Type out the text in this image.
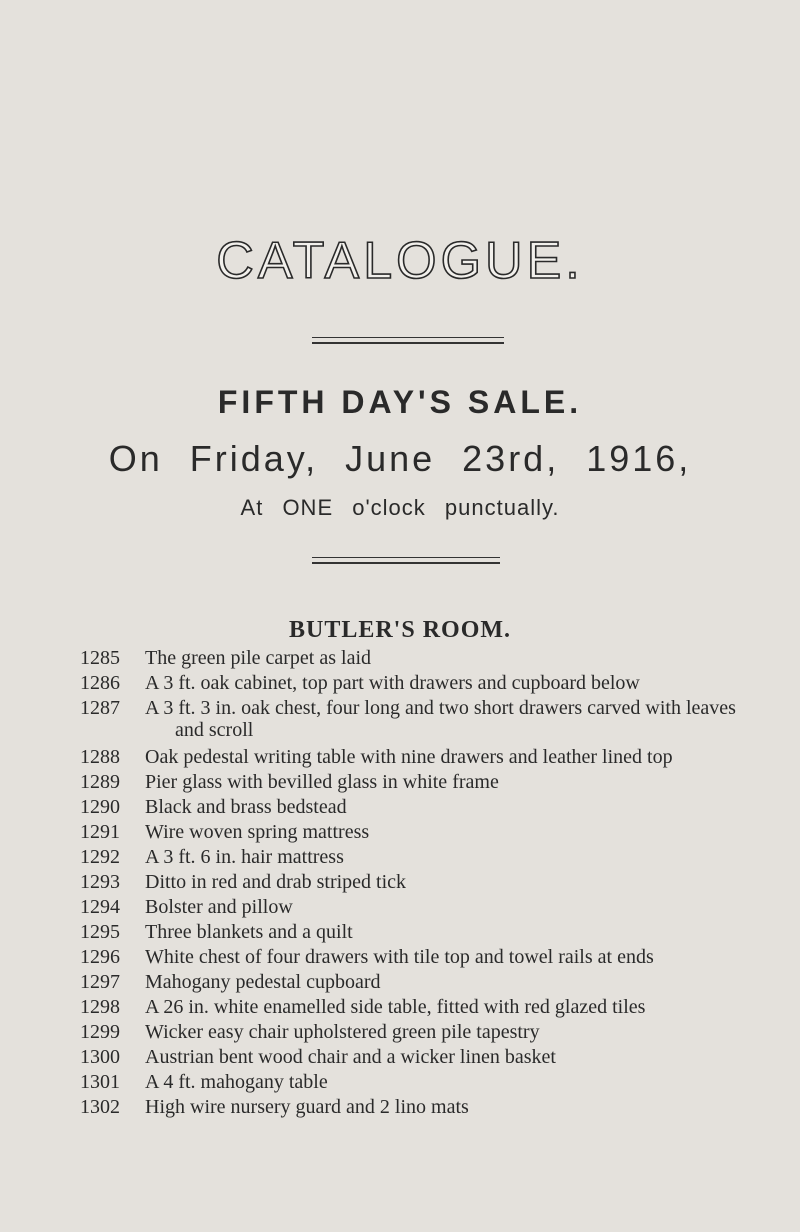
CATALOGUE.
FIFTH DAY'S SALE.
On Friday, June 23rd, 1916,
At ONE o'clock punctually.
BUTLER'S ROOM.
1285 The green pile carpet as laid
1286 A 3 ft. oak cabinet, top part with drawers and cupboard below
1287 A 3 ft. 3 in. oak chest, four long and two short drawers carved with leaves
and scroll
1288 Oak pedestal writing table with nine drawers and leather lined top
1289 Pier glass with bevilled glass in white frame
1290 Black and brass bedstead
1291 Wire woven spring mattress
1292 A 3 ft. 6 in. hair mattress
1293 Ditto in red and drab striped tick
1294 Bolster and pillow
1295 Three blankets and a quilt
1296 White chest of four drawers with tile top and towel rails at ends
1297 Mahogany pedestal cupboard
1298 A 26 in. white enamelled side table, fitted with red glazed tiles
1299 Wicker easy chair upholstered green pile tapestry
1300 Austrian bent wood chair and a wicker linen basket
1301 A 4 ft. mahogany table
1302 High wire nursery guard and 2 lino mats
